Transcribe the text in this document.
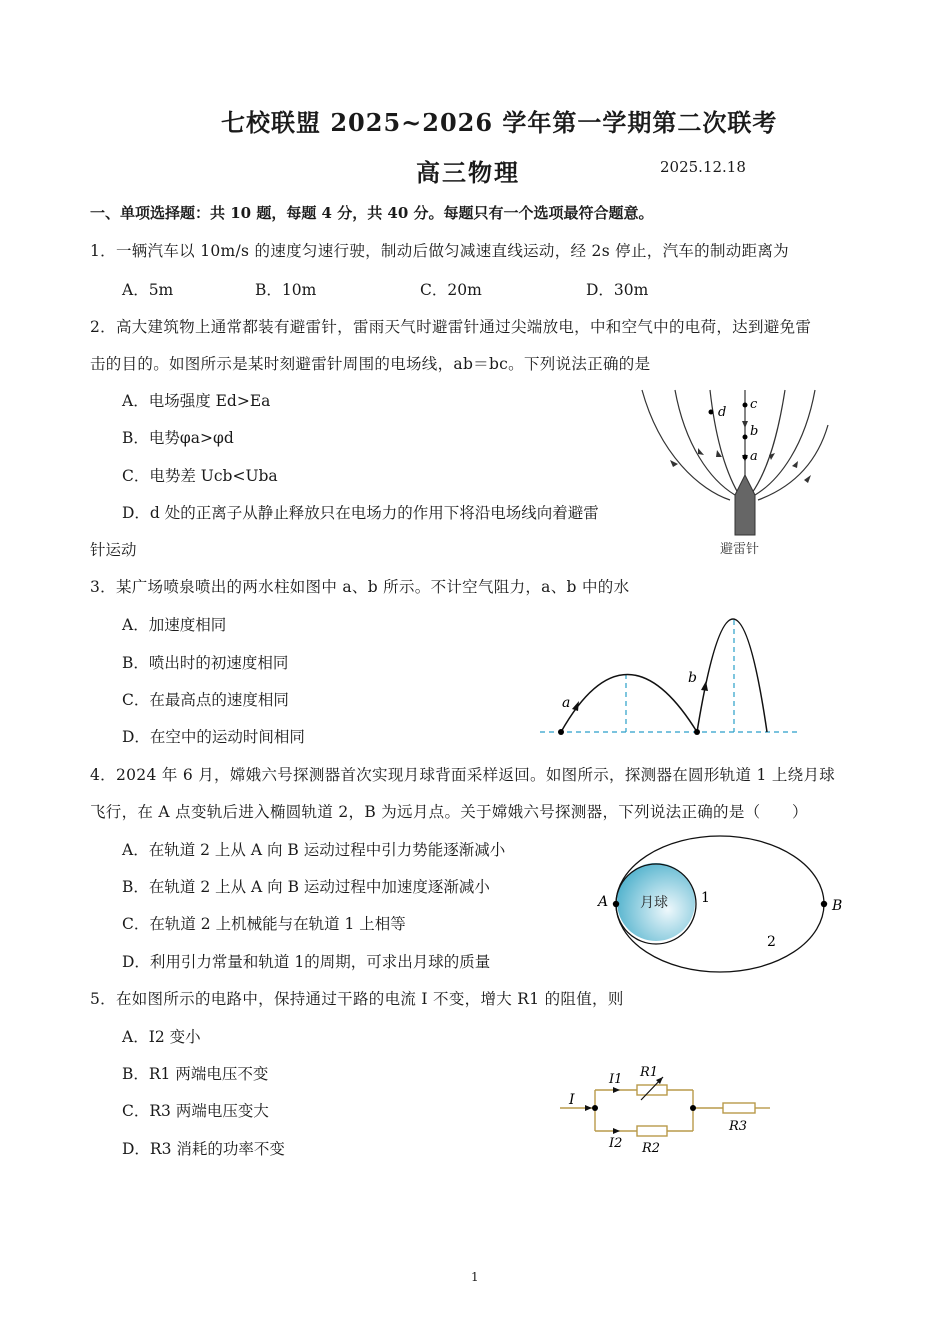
七校联盟 2025~2026 学年第一学期第二次联考
高三物理	2025.12.18
一、单项选择题：共 10 题，每题 4 分，共 40 分。每题只有一个选项最符合题意。
1．一辆汽车以 10m/s 的速度匀速行驶，制动后做匀减速直线运动，经 2s 停止，汽车的制动距离为
A．5m	B．10m	C．20m	D．30m
2．高大建筑物上通常都装有避雷针，雷雨天气时避雷针通过尖端放电，中和空气中的电荷，达到避免雷
击的目的。如图所示是某时刻避雷针周围的电场线，ab＝bc。下列说法正确的是
A．电场强度 Ed>Ea
B．电势φa>φd
C．电势差 Ucb<Uba
D．d 处的正离子从静止释放只在电场力的作用下将沿电场线向着避雷
针运动
d
c
b
a
避雷针
3．某广场喷泉喷出的两水柱如图中 a、b 所示。不计空气阻力，a、b 中的水
A．加速度相同
B．喷出时的初速度相同
C．在最高点的速度相同
D．在空中的运动时间相同
a
b
4．2024 年 6 月，嫦娥六号探测器首次实现月球背面采样返回。如图所示，探测器在圆形轨道 1 上绕月球
飞行，在 A 点变轨后进入椭圆轨道 2，B 为远月点。关于嫦娥六号探测器，下列说法正确的是（　　）
A．在轨道 2 上从 A 向 B 运动过程中引力势能逐渐减小
B．在轨道 2 上从 A 向 B 运动过程中加速度逐渐减小
C．在轨道 2 上机械能与在轨道 1 上相等
D．利用引力常量和轨道 1的周期，可求出月球的质量
月球
A	B
1
2
5．在如图所示的电路中，保持通过干路的电流 I 不变，增大 R1 的阻值，则
A．I2 变小
B．R1 两端电压不变
C．R3 两端电压变大
D．R3 消耗的功率不变
I
I1
I2
R1
R2
R3
1
